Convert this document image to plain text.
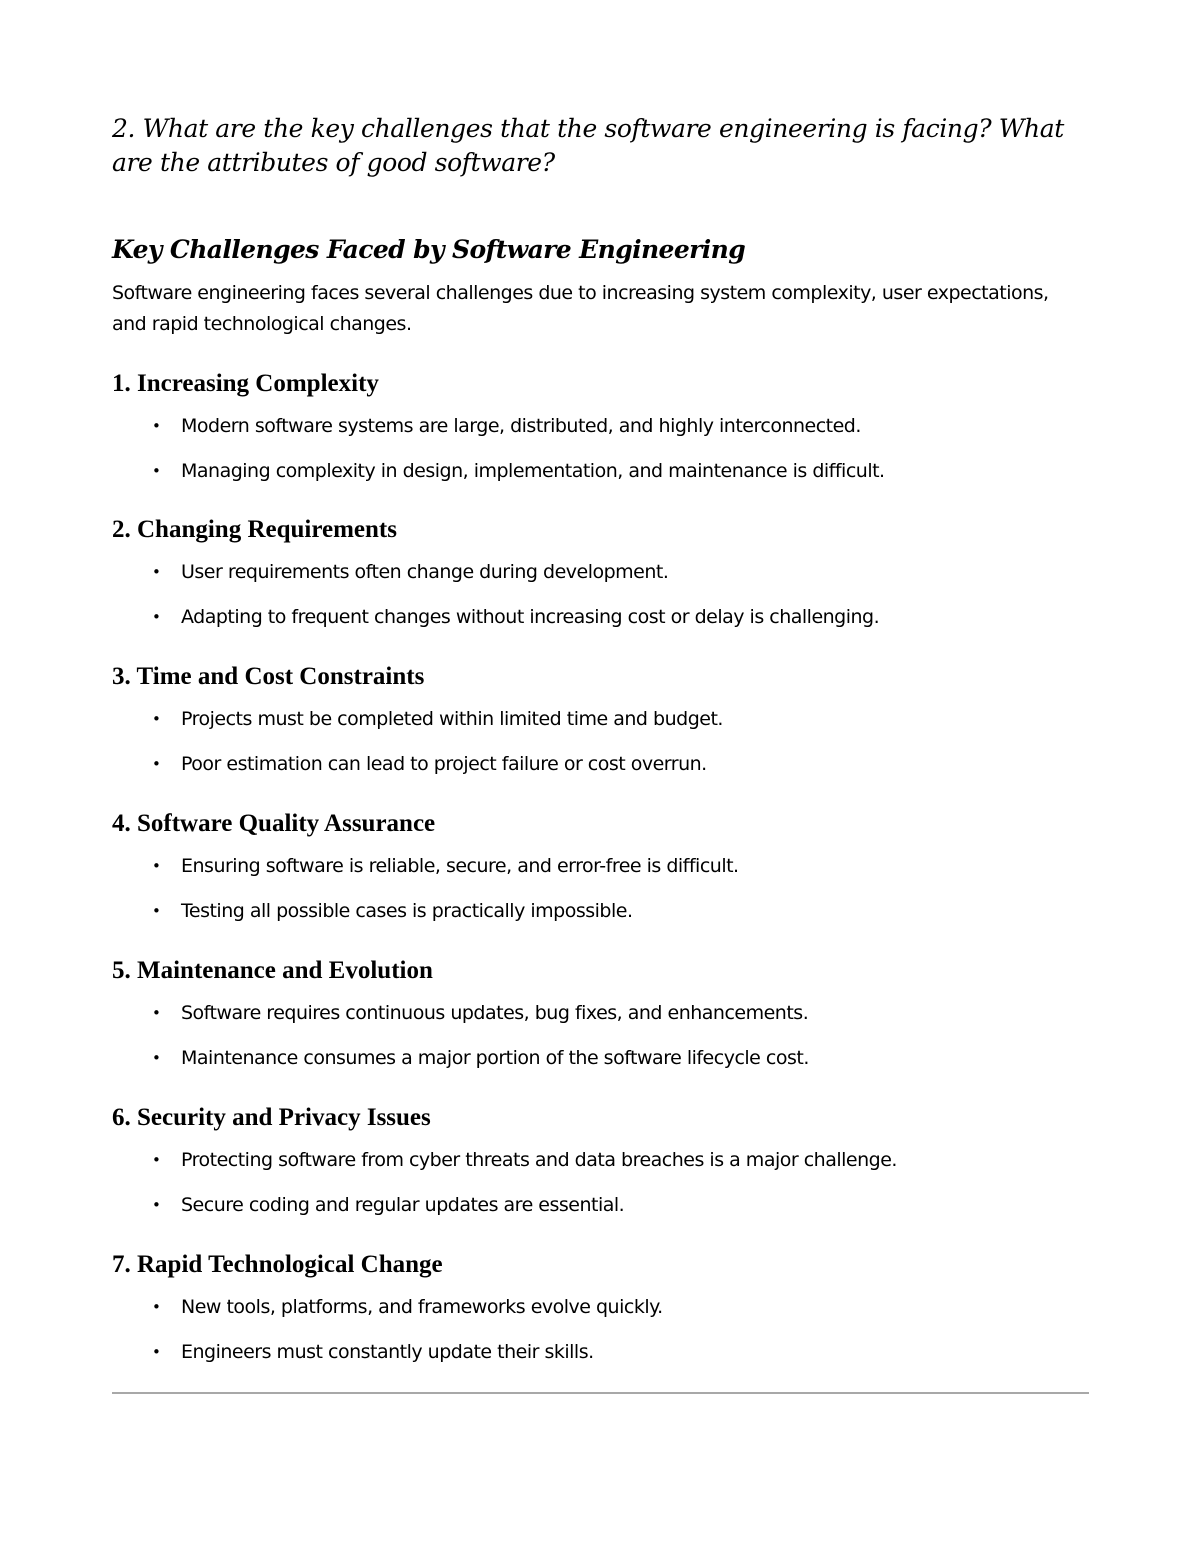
2. What are the key challenges that the software engineering is facing? What are the attributes of good software?

Key Challenges Faced by Software Engineering

Software engineering faces several challenges due to increasing system complexity, user expectations, and rapid technological changes.

1. Increasing Complexity
•	Modern software systems are large, distributed, and highly interconnected.
•	Managing complexity in design, implementation, and maintenance is difficult.
2. Changing Requirements
•	User requirements often change during development.
•	Adapting to frequent changes without increasing cost or delay is challenging.
3. Time and Cost Constraints
•	Projects must be completed within limited time and budget.
•	Poor estimation can lead to project failure or cost overrun.
4. Software Quality Assurance
•	Ensuring software is reliable, secure, and error-free is difficult.
•	Testing all possible cases is practically impossible.
5. Maintenance and Evolution
•	Software requires continuous updates, bug fixes, and enhancements.
•	Maintenance consumes a major portion of the software lifecycle cost.
6. Security and Privacy Issues
•	Protecting software from cyber threats and data breaches is a major challenge.
•	Secure coding and regular updates are essential.
7. Rapid Technological Change
•	New tools, platforms, and frameworks evolve quickly.
•	Engineers must constantly update their skills.
